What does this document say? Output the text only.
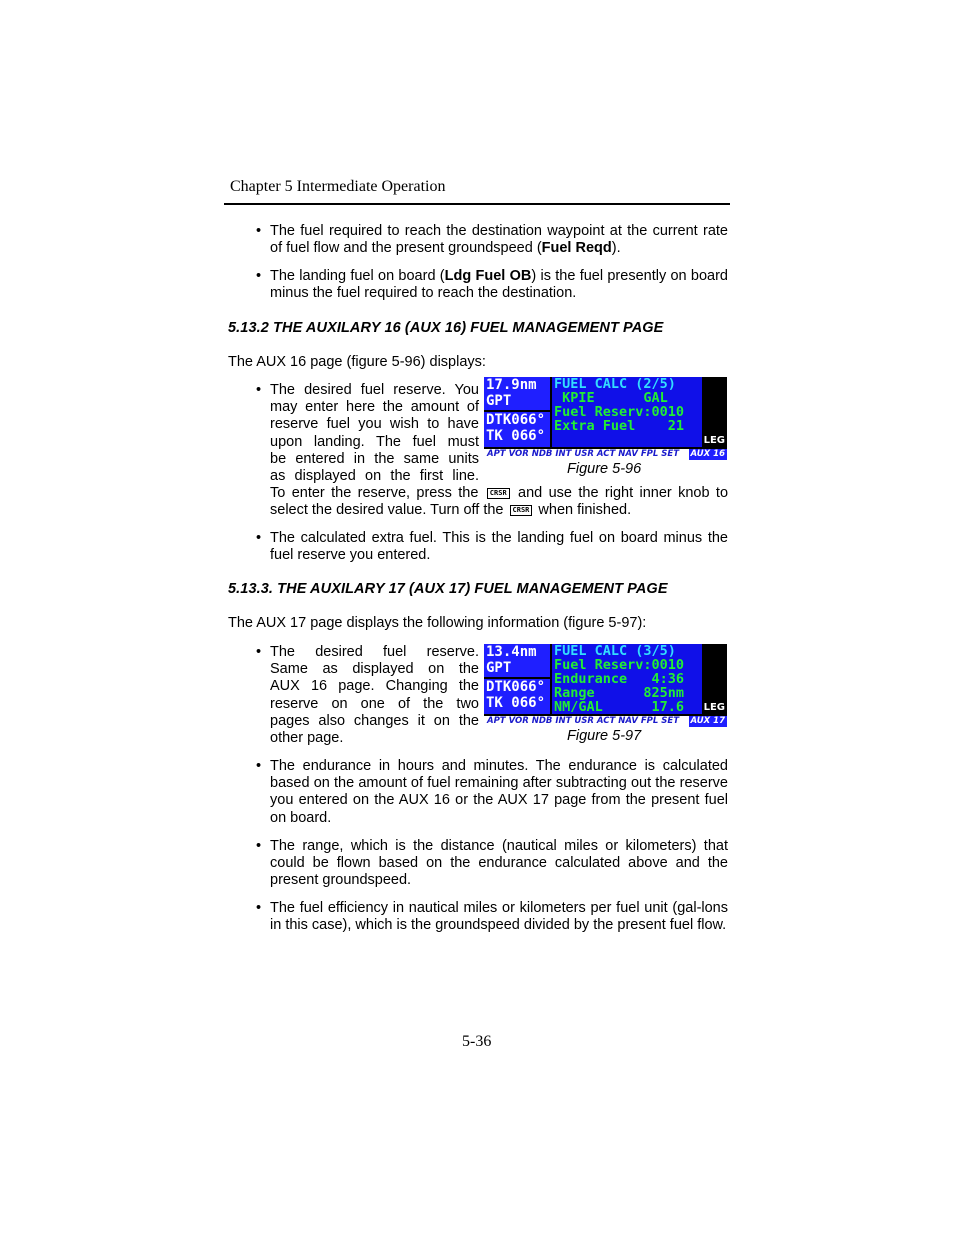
Chapter 5 Intermediate Operation
• The fuel required to reach the destination waypoint at the current rate of fuel flow and the present groundspeed (Fuel Reqd).
• The landing fuel on board (Ldg Fuel OB) is the fuel presently on board minus the fuel required to reach the destination.
5.13.2 THE AUXILARY 16 (AUX 16) FUEL MANAGEMENT PAGE
The AUX 16 page (figure 5-96) displays:
• The desired fuel reserve. You
may enter here the amount of
reserve fuel you wish to have
upon landing. The fuel must
be entered in the same units
as displayed on the first line.
To enter the reserve, press the CRSR and use the right inner knob to
select the desired value. Turn off the CRSR when finished.
17.9nm
GPT
DTK066°
TK 066°
FUEL CALC (2/5)
KPIE      GAL
Fuel Reserv:0010
Extra Fuel    21
LEG
APT VOR NDB INT USR ACT NAV FPL SET AUX 16
Figure 5-96
• The calculated extra fuel. This is the landing fuel on board minus the fuel reserve you entered.
5.13.3. THE AUXILARY 17 (AUX 17) FUEL MANAGEMENT PAGE
The AUX 17 page displays the following information (figure 5-97):
• The desired fuel reserve.
Same as displayed on the
AUX 16 page. Changing the
reserve on one of the two
pages also changes it on the
other page.
13.4nm
GPT
DTK066°
TK 066°
FUEL CALC (3/5)
Fuel Reserv:0010
Endurance   4:36
Range      825nm
NM/GAL      17.6 LEG
APT VOR NDB INT USR ACT NAV FPL SET AUX 17
Figure 5-97
• The endurance in hours and minutes. The endurance is calculated based on the amount of fuel remaining after subtracting out the reserve you entered on the AUX 16 or the AUX 17 page from the present fuel on board.
• The range, which is the distance (nautical miles or kilometers) that could be flown based on the endurance calculated above and the present groundspeed.
• The fuel efficiency in nautical miles or kilometers per fuel unit (gal-lons in this case), which is the groundspeed divided by the present fuel flow.
5-36
